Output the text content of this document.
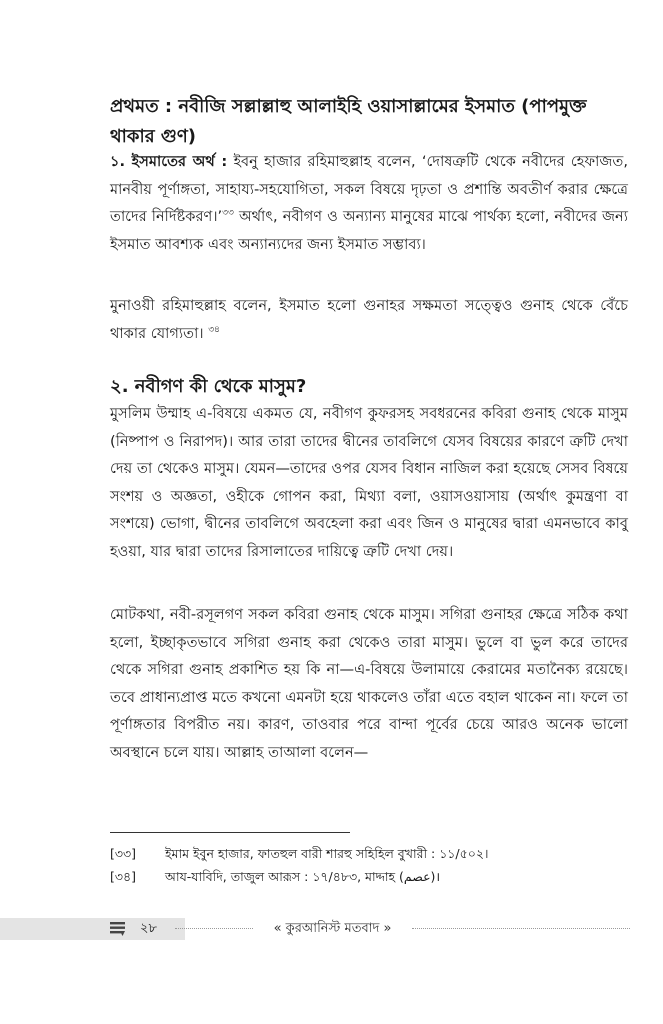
প্রথমত : নবীজি সল্লাল্লাহু আলাইহি ওয়াসাল্লামের ইসমাত (পাপমুক্ত থাকার গুণ)

১. ইসমাতের অর্থ : ইবনু হাজার রহিমাহুল্লাহ বলেন, ‘দোষত্রুটি থেকে নবীদের হেফাজত, মানবীয় পূর্ণাঙ্গতা, সাহায্য-সহযোগিতা, সকল বিষয়ে দৃঢ়তা ও প্রশান্তি অবতীর্ণ করার ক্ষেত্রে তাদের নির্দিষ্টকরণ।’$^{৩৩}$ অর্থাৎ, নবীগণ ও অন্যান্য মানুষের মাঝে পার্থক্য হলো, নবীদের জন্য ইসমাত আবশ্যক এবং অন্যান্যদের জন্য ইসমাত সম্ভাব্য।

মুনাওয়ী রহিমাহুল্লাহ বলেন, ইসমাত হলো গুনাহর সক্ষমতা সত্ত্বেও গুনাহ থেকে বেঁচে থাকার যোগ্যতা। $^{৩৪}$

২. নবীগণ কী থেকে মাসুম?

মুসলিম উম্মাহ এ-বিষয়ে একমত যে, নবীগণ কুফরসহ সবধরনের কবিরা গুনাহ থেকে মাসুম (নিষ্পাপ ও নিরাপদ)। আর তারা তাদের দ্বীনের তাবলিগে যেসব বিষয়ের কারণে ত্রুটি দেখা দেয় তা থেকেও মাসুম। যেমন—তাদের ওপর যেসব বিধান নাজিল করা হয়েছে সেসব বিষয়ে সংশয় ও অজ্ঞতা, ওহীকে গোপন করা, মিথ্যা বলা, ওয়াসওয়াসায় (অর্থাৎ কুমন্ত্রণা বা সংশয়ে) ভোগা, দ্বীনের তাবলিগে অবহেলা করা এবং জিন ও মানুষের দ্বারা এমনভাবে কাবু হওয়া, যার দ্বারা তাদের রিসালাতের দায়িত্বে ত্রুটি দেখা দেয়।

মোটকথা, নবী-রসূলগণ সকল কবিরা গুনাহ থেকে মাসুম। সগিরা গুনাহর ক্ষেত্রে সঠিক কথা হলো, ইচ্ছাকৃতভাবে সগিরা গুনাহ করা থেকেও তারা মাসুম। ভুলে বা ভুল করে তাদের থেকে সগিরা গুনাহ প্রকাশিত হয় কি না—এ-বিষয়ে উলামায়ে কেরামের মতানৈক্য রয়েছে। তবে প্রাধান্যপ্রাপ্ত মতে কখনো এমনটা হয়ে থাকলেও তাঁরা এতে বহাল থাকেন না। ফলে তা পূর্ণাঙ্গতার বিপরীত নয়। কারণ, তাওবার পরে বান্দা পূর্বের চেয়ে আরও অনেক ভালো অবস্থানে চলে যায়। আল্লাহ তাআলা বলেন—

[৩৩]	ইমাম ইবুন হাজার, ফাতহুল বারী শারহু সহিহিল বুখারী : ১১/৫০২।
[৩৪]	আয-যাবিদি, তাজুল আরূস : ১৭/৪৮৩, মাদ্দাহ (عصم)।
২৮	« কুরআনিস্ট মতবাদ »
